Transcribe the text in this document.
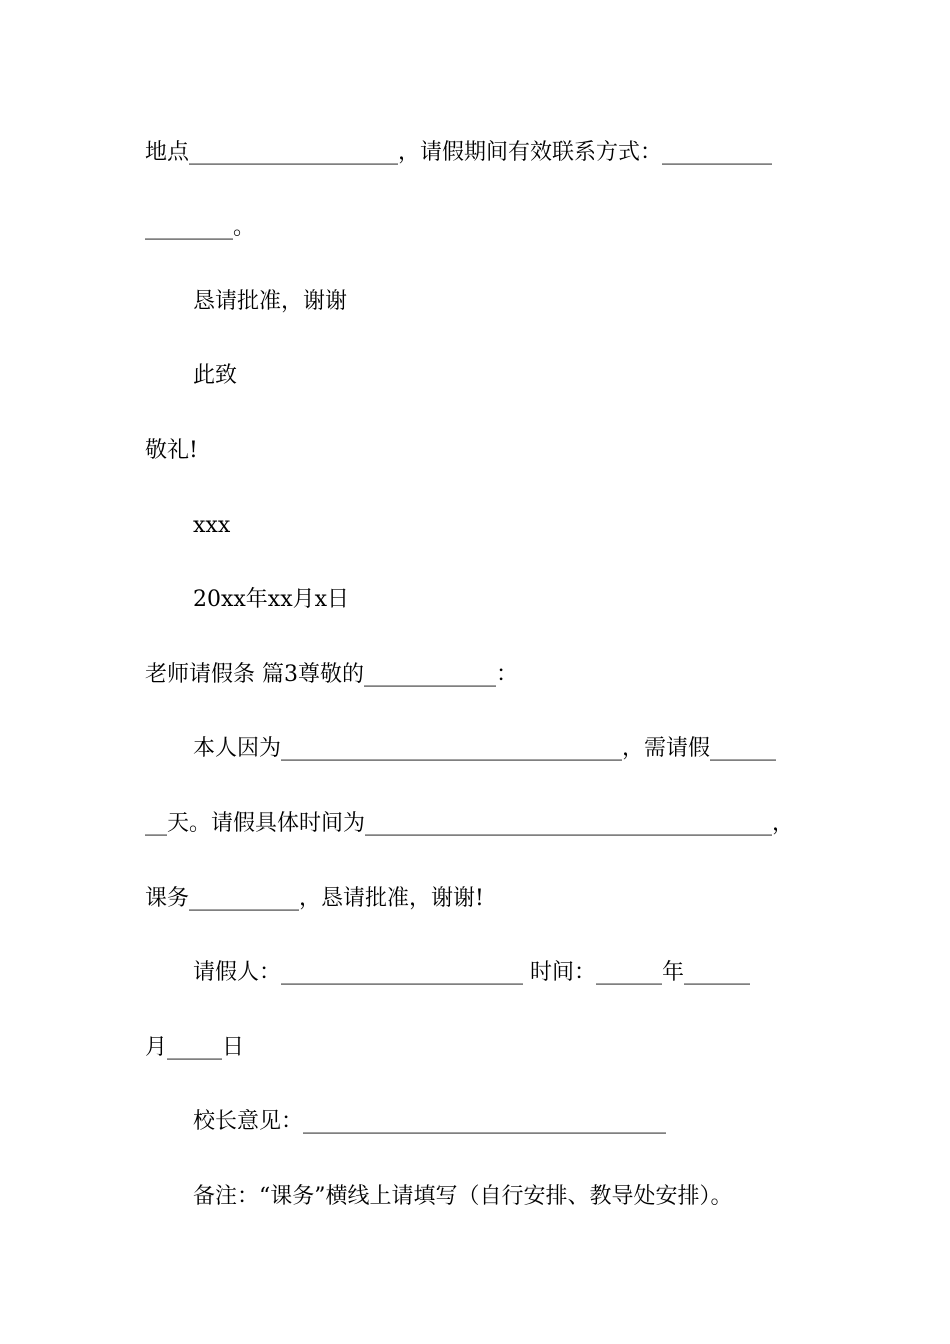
地点___________________，请假期间有效联系方式：__________
________。
恳请批准，谢谢
此致
敬礼!
xxx
20xx年xx月x日
老师请假条 篇3尊敬的____________：
本人因为_______________________________，需请假______
__天。请假具体时间为_____________________________________，
课务__________，恳请批准，谢谢!
请假人：______________________ 时间：______年______
月_____日
校长意见：_________________________________
备注：“课务”横线上请填写（自行安排、教导处安排）。
